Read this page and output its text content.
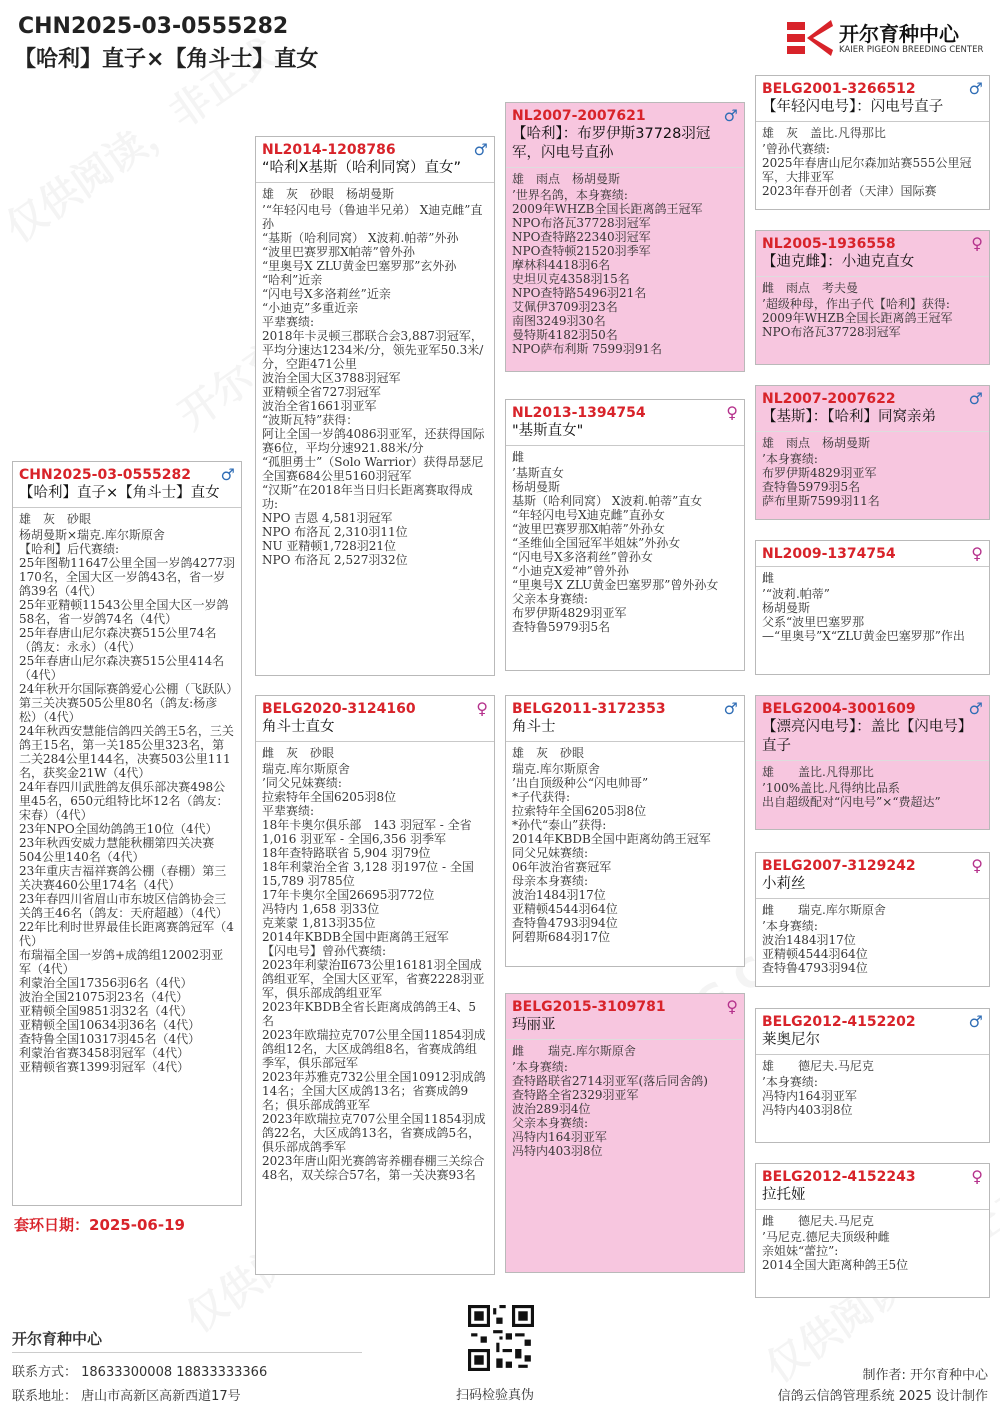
CHN2025-03-0555282
【哈利】直子×【角斗士】直女
开尔育种中心
KAIER PIGEON BREEDING CENTER
CHN2025-03-0555282	♂
【哈利】直子×【角斗士】直女
雄 灰 砂眼
杨胡曼斯×瑞克.库尔斯原舍
【哈利】后代赛绩:
25年图勒11647公里全国一岁鸽4277羽170名，全国大区一岁鸽43名，省一岁鸽39名（4代）
25年亚精顿11543公里全国大区一岁鸽58名，省一岁鸽74名（4代）
25年春唐山尼尔森决赛515公里74名（鸽友：永永）（4代）
25年春唐山尼尔森决赛515公里414名（4代）
24年秋开尔国际赛鸽爱心公棚（飞跃队）第三关决赛505公里80名（鸽友:杨彦松）（4代）
24年秋西安慧能信鸽四关鸽王5名，三关鸽王15名，第一关185公里323名，第二关284公里144名，决赛503公里111名，获奖金21W（4代）
24年春四川武胜鸽友俱乐部决赛498公里45名，650元组特比坏12名（鸽友：宋春）（4代）
23年NPO全国幼鸽鸽王10位（4代）
23年秋西安威力慧能秋棚第四关决赛504公里140名（4代）
23年重庆吉福祥赛鸽公棚（春棚）第三关决赛460公里174名（4代）
23年春四川省眉山市东坡区信鸽协会三关鸽王46名（鸽友：天府超越）（4代）
22年比利时世界最佳长距离赛鸽冠军（4代）
布瑞福全国一岁鸽+成鸽组12002羽亚军（4代）
利蒙治全国17356羽6名（4代）
波治全国21075羽23名（4代）
亚精顿全国9851羽32名（4代）
亚精顿全国10634羽36名（4代）
查特鲁全国10317羽45名（4代）
利蒙治省赛3458羽冠军（4代）
亚精顿省赛1399羽冠军（4代）
NL2014-1208786	♂
“哈利X基斯（哈利同窝）直女”
雄 灰 砂眼 杨胡曼斯
’“年轻闪电号（鲁迪半兄弟） X迪克雌”直孙
“基斯（哈利同窝） X波莉.帕蒂”外孙
“波里巴赛罗那X帕蒂”曾外孙
“里奥号X ZLU黄金巴塞罗那”玄外孙
“哈利”近亲
“闪电号X多洛莉丝”近亲
“小迪克”多重近亲
平辈赛绩:
2018年卡灵顿三郡联合会3,887羽冠军，平均分速达1234米/分，领先亚军50.3米/分，空距471公里
波治全国大区3788羽冠军
亚精顿全省727羽冠军
波治全省1661羽亚军
“波斯瓦特”获得：
阿让全国一岁鸽4086羽亚军，还获得国际赛6位，平均分速921.88米/分
“孤胆勇士”（Solo Warrior）获得昂瑟尼全国赛684公里5160羽冠军
“汉斯”在2018年当日归长距离赛取得成功:
NPO 吉恩 4,581羽冠军
NPO 布洛瓦 2,310羽11位
NU 亚精顿1,728羽21位
NPO 布洛瓦 2,527羽32位
BELG2020-3124160	♀
角斗士直女
雌 灰 砂眼
瑞克.库尔斯原舍
’同父兄妹赛绩:
拉索特年全国6205羽8位
平辈赛绩:
18年卡奥尔俱乐部　143 羽冠军 - 全省1,016 羽亚军 - 全国6,356 羽季军
18年查特路联省 5,904 羽79位
18年利蒙治全省 3,128 羽197位 - 全国15,789 羽785位
17年卡奥尔全国26695羽772位
冯特内 1,658 羽33位
克莱蒙 1,813羽35位
2014年KBDB全国中距离鸽王冠军
【闪电号】曾孙代赛绩:
2023年利蒙治Ⅱ673公里16181羽全国成鸽组亚军，全国大区亚军，省赛2228羽亚军，俱乐部成鸽组亚军
2023年KBDB全省长距离成鸽鸽王4、5名
2023年欧瑞拉克707公里全国11854羽成鸽组12名，大区成鸽组8名，省赛成鸽组季军，俱乐部冠军
2023年苏雅克732公里全国10912羽成鸽14名；全国大区成鸽13名；省赛成鸽9名；俱乐部成鸽亚军
2023年欧瑞拉克707公里全国11854羽成鸽22名，大区成鸽13名，省赛成鸽5名，俱乐部成鸽季军
2023年唐山阳光赛鸽寄养棚春棚三关综合48名，双关综合57名，第一关决赛93名
NL2007-2007621	♂
【哈利】：布罗伊斯37728羽冠军，闪电号直孙
雄 雨点 杨胡曼斯
’世界名鸽，本身赛绩:
2009年WHZB全国长距离鸽王冠军
NPO布洛瓦37728羽冠军
NPO查特路22340羽冠军
NPO查特顿21520羽季军
摩林科4418羽6名
史坦贝克4358羽15名
NPO查特路5496羽21名
艾佩伊3709羽23名
南图3249羽30名
曼特斯4182羽50名
NPO萨布利斯 7599羽91名
NL2013-1394754	♀
"基斯直女"
雌
’基斯直女
杨胡曼斯
基斯（哈利同窝） X波莉.帕蒂”直女
“年轻闪电号X迪克雌”直孙女
“波里巴赛罗那X帕蒂”外孙女
“圣维仙全国冠军半姐妹”外孙女
“闪电号X多洛莉丝”曾孙女
“小迪克X爱神”曾外孙
“里奥号X ZLU黄金巴塞罗那”曾外孙女
父亲本身赛绩:
布罗伊斯4829羽亚军
查特鲁5979羽5名
BELG2011-3172353	♂
角斗士
雄 灰 砂眼
瑞克.库尔斯原舍
’出自顶级种公“闪电帅哥”
*子代获得:
拉索特年全国6205羽8位
*孙代“泰山”获得:
2014年KBDB全国中距离幼鸽王冠军
同父兄妹赛绩:
06年波治省赛冠军
母亲本身赛绩:
波治1484羽17位
亚精顿4544羽64位
查特鲁4793羽94位
阿碧斯684羽17位
BELG2015-3109781	♀
玛丽亚
雌 瑞克.库尔斯原舍
’本身赛绩:
查特路联省2714羽亚军(落后同舍鸽)
查特路全省2329羽亚军
波治289羽4位
父亲本身赛绩:
冯特内164羽亚军
冯特内403羽8位
BELG2001-3266512	♂
【年轻闪电号】：闪电号直子
雄 灰 盖比.凡得那比
’曾孙代赛绩:
2025年春唐山尼尔森加站赛555公里冠军，大排亚军
2023年春开创者（天津）国际赛
NL2005-1936558	♀
【迪克雌】：小迪克直女
雌 雨点 考夫曼
’超级种母，作出子代【哈利】获得:
2009年WHZB全国长距离鸽王冠军
NPO布洛瓦37728羽冠军
NL2007-2007622	♂
【基斯】：【哈利】同窝亲弟
雄 雨点 杨胡曼斯
’本身赛绩:
布罗伊斯4829羽亚军
查特鲁5979羽5名
萨布里斯7599羽11名
NL2009-1374754	♀
雌
’“波莉.帕蒂”
杨胡曼斯
父系“波里巴塞罗那
—“里奥号”X“ZLU黄金巴塞罗那”作出
BELG2004-3001609	♂
【漂亮闪电号】：盖比【闪电号】直子
雄 盖比.凡得那比
’100%盖比.凡得纳比品系
出自超级配对“闪电号”×“费超达”
BELG2007-3129242	♀
小莉丝
雌 瑞克.库尔斯原舍
’本身赛绩:
波治1484羽17位
亚精顿4544羽64位
查特鲁4793羽94位
BELG2012-4152202	♂
莱奥尼尔
雄 德尼夫.马尼克
’本身赛绩:
冯特内164羽亚军
冯特内403羽8位
BELG2012-4152243	♀
拉托娅
雌 德尼夫.马尼克
’马尼克.德尼夫顶级种雌
亲姐妹“蕾拉”:
2014全国大距离种鸽王5位
套环日期：2025-06-19
开尔育种中心
联系方式： 18633300008 18833333366
联系地址： 唐山市高新区高新西道17号	扫码检验真伪
制作者: 开尔育种中心
信鸽云信鸽管理系统 2025 设计制作
